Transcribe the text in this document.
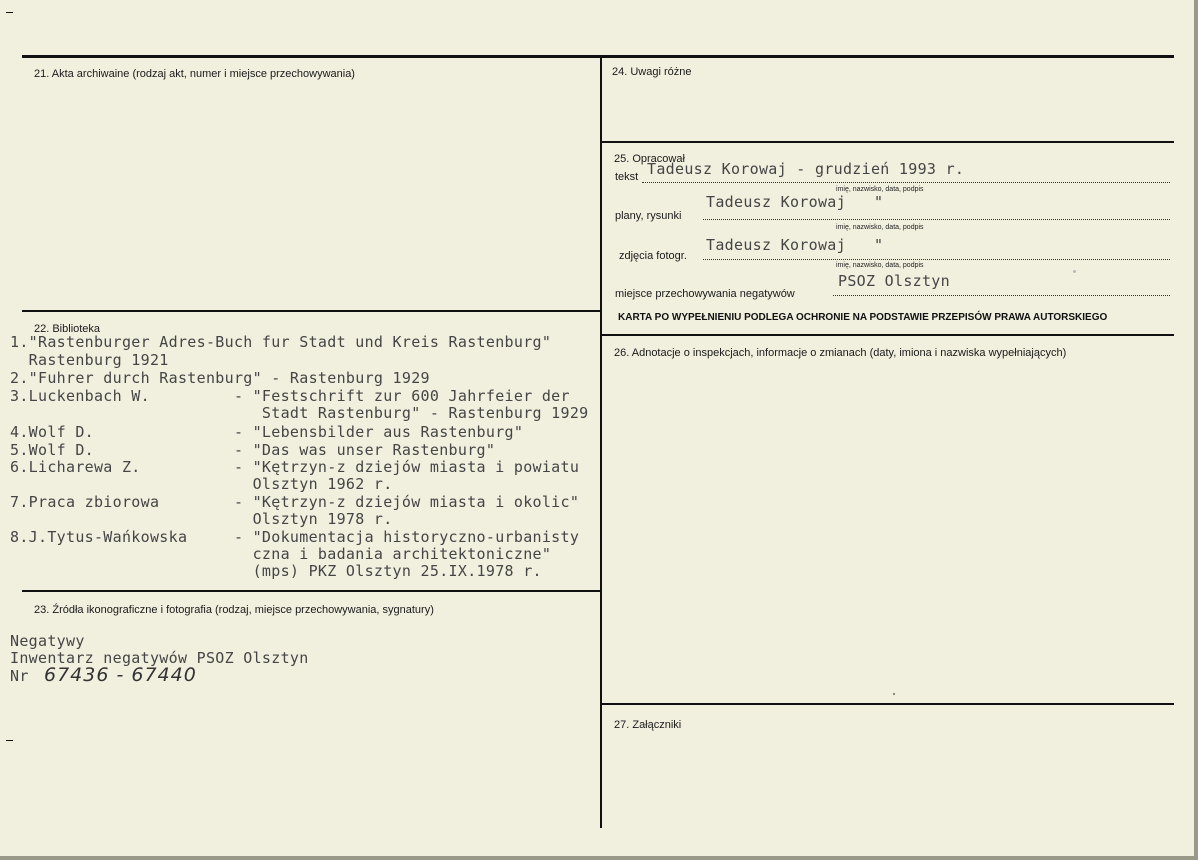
21. Akta archiwaine (rodzaj akt, numer i miejsce przechowywania)
22. Biblioteka
1."Rastenburger Adres-Buch fur Stadt und Kreis Rastenburg"
Rastenburg 1921
2."Fuhrer durch Rastenburg" - Rastenburg 1929
3.Luckenbach W.         - "Festschrift zur 600 Jahrfeier der
Stadt Rastenburg" - Rastenburg 1929
4.Wolf D.               - "Lebensbilder aus Rastenburg"
5.Wolf D.               - "Das was unser Rastenburg"
6.Licharewa Z.          - "Kętrzyn-z dziejów miasta i powiatu
Olsztyn 1962 r.
7.Praca zbiorowa        - "Kętrzyn-z dziejów miasta i okolic"
Olsztyn 1978 r.
8.J.Tytus-Wańkowska     - "Dokumentacja historyczno-urbanisty
czna i badania architektoniczne"
(mps) PKZ Olsztyn 25.IX.1978 r.
23. Źródła ikonograficzne i fotografia (rodzaj, miejsce przechowywania, sygnatury)
Negatywy
Inwentarz negatywów PSOZ Olsztyn
Nr 67436 - 67440
24. Uwagi różne
25. Opracował
tekst Tadeusz Korowaj - grudzień 1993 r.
imię, nazwisko, data, podpis
plany, rysunki
Tadeusz Korowaj   "
imię, nazwisko, data, podpis
zdjęcia fotogr.
Tadeusz Korowaj   "
imię, nazwisko, data, podpis
miejsce przechowywania negatywów
PSOZ Olsztyn
KARTA PO WYPEŁNIENIU PODLEGA OCHRONIE NA PODSTAWIE PRZEPISÓW PRAWA AUTORSKIEGO
26. Adnotacje o inspekcjach, informacje o zmianach (daty, imiona i nazwiska wypełniających)
27. Załączniki
